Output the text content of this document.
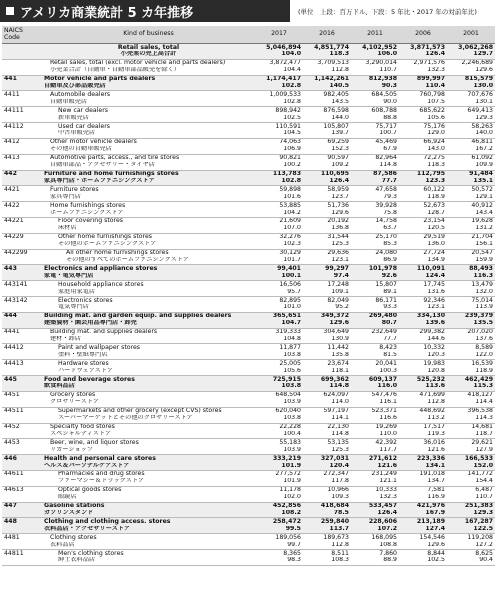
アメリカ商業統計 5 カ年推移	(単位　上段：百万ドル、下段：5 年比・2017 年の対前年比)
NAICS Code	Kind of business	2017	2016	2011	2006	2001
	Retail sales, total	5,046,894	4,851,774	4,102,952	3,871,573	3,062,268
	小売業の売上高合計	104.0	118.3	106.0	126.4	129.7
	Retail sales, total (excl. motor vehicle and parts dealers)	3,872,477	3,709,513	3,290,014	2,971,576	2,246,689
	小売業合計（自動車・自動車部品販売を除く）	104.4	112.8	110.7	132.3	129.6
441	Motor vehicle and parts dealers	1,174,417	1,142,261	812,938	899,997	815,579
	自動車及び部品販売店	102.8	140.5	90.3	110.4	130.0
4411	Automobile dealers	1,009,533	982,405	684,505	760,798	707,676
	自動車販売店	102.8	143.5	90.0	107.5	130.1
44111	New car dealers	898,942	876,598	608,788	685,622	649,413
	新車販売店	102.5	144.0	88.8	105.6	129.3
44112	Used car dealers	110,591	105,807	75,717	75,176	58,263
	中古車販売店	104.5	139.7	100.7	129.0	140.0
4412	Other motor vehicle dealers	74,063	69,259	45,469	66,924	46,811
	その他の自動車販売店	106.9	152.3	67.9	143.0	167.2
4413	Automotive parts, access., and tire stores	90,821	90,597	82,964	72,275	61,092
	自動車部品・アクセサリー・タイヤ店	100.2	109.2	114.8	118.3	109.9
442	Furniture and home furnishings stores	113,783	110,695	87,586	112,795	91,484
	家具専門店・ホームファニシングストア	102.8	126.4	77.7	123.3	135.1
4421	Furniture stores	59,898	58,959	47,658	60,122	50,572
	家具専門店	101.6	123.7	79.3	118.9	129.1
4422	Home furnishings stores	53,885	51,736	39,928	52,673	40,912
	ホームファニシングストア	104.2	129.6	75.8	128.7	143.4
44221	Floor covering stores	21,609	20,192	14,758	23,154	19,628
	床材店	107.0	136.8	63.7	120.5	131.2
44229	Other home furnishings stores	32,276	31,544	25,170	29,519	21,704
	その他のホームファニシングストア	102.3	125.3	85.3	136.0	156.1
442299	All other home furnishings stores	30,129	29,636	24,080	27,724	20,547
	その他のすべてのホームファニシングストア	101.7	123.1	86.9	134.9	159.9
443	Electronics and appliance stores	99,401	99,297	101,978	110,091	88,493
	家電・電気専門店	100.1	97.4	92.6	124.4	116.3
443141	Household appliance stores	16,506	17,248	15,807	17,745	13,479
	家庭用家電店	95.7	109.1	89.1	131.6	132.0
443142	Electronics stores	82,895	82,049	86,171	92,346	75,014
	電気専門店	101.0	95.2	93.3	123.1	113.9
444	Building mat. and garden equip. and supplies dealers	365,651	349,372	269,480	334,130	239,379
	建築資材・園芸用品専門店・卸売	104.7	129.6	80.7	139.6	135.5
4441	Building mat. and supplies dealers	319,333	304,649	232,649	299,382	207,020
	建材・卸店	104.8	130.9	77.7	144.6	137.6
44412	Paint and wallpaper stores	11,877	11,442	8,423	10,332	8,589
	塗料・壁紙専門店	103.8	135.8	81.5	120.3	122.0
44413	Hardware stores	25,005	23,674	20,041	19,983	16,539
	ハードウェアストア	105.6	118.1	100.3	120.8	118.9
445	Food and beverage stores	725,915	699,362	609,137	525,232	462,429
	飲食料品店	103.8	114.8	116.0	113.6	115.3
4451	Grocery stores	648,504	624,097	547,476	471,699	418,127
	グロサリーストア	103.9	114.0	116.1	112.8	114.4
44511	Supermarkets and other grocery (except CVS) stores	620,040	597,197	523,371	448,692	396,538
	スーパーマーケットとその他のグロサリーストア	103.8	114.1	116.6	113.2	114.3
4452	Specialty food stores	22,228	22,130	19,269	17,517	14,681
	スペシャルティストア	100.4	114.8	110.0	119.3	118.7
4453	Beer, wine, and liquor stores	55,183	53,135	42,392	36,016	29,621
	リカーショップ	103.9	125.3	117.7	121.6	127.9
446	Health and personal care stores	333,219	327,031	271,612	223,336	166,533
	ヘルス＆パーソナルケアストア	101.9	120.4	121.6	134.1	152.0
44611	Pharmacies and drug stores	277,572	272,347	231,249	191,018	141,772
	ファーマシー＆ドラッグストア	101.9	117.8	121.1	134.7	154.4
44613	Optical goods stores	11,178	10,966	10,333	7,581	6,487
	眼鏡店	102.0	109.3	132.3	116.9	110.7
447	Gasoline stations	452,856	418,684	533,457	421,976	251,383
	ガソリンスタンド	108.2	78.5	126.4	167.9	129.3
448	Clothing and clothing access. stores	258,472	259,840	228,606	213,189	167,287
	衣料品店・アクセサリーストア	99.5	113.7	107.2	127.4	122.5
4481	Clothing stores	189,056	189,673	168,095	154,546	119,208
	衣料品店	99.7	112.8	108.8	129.6	127.2
44811	Men's clothing stores	8,365	8,511	7,860	8,844	8,625
	紳士衣料品店	98.3	108.3	88.9	102.5	90.4
